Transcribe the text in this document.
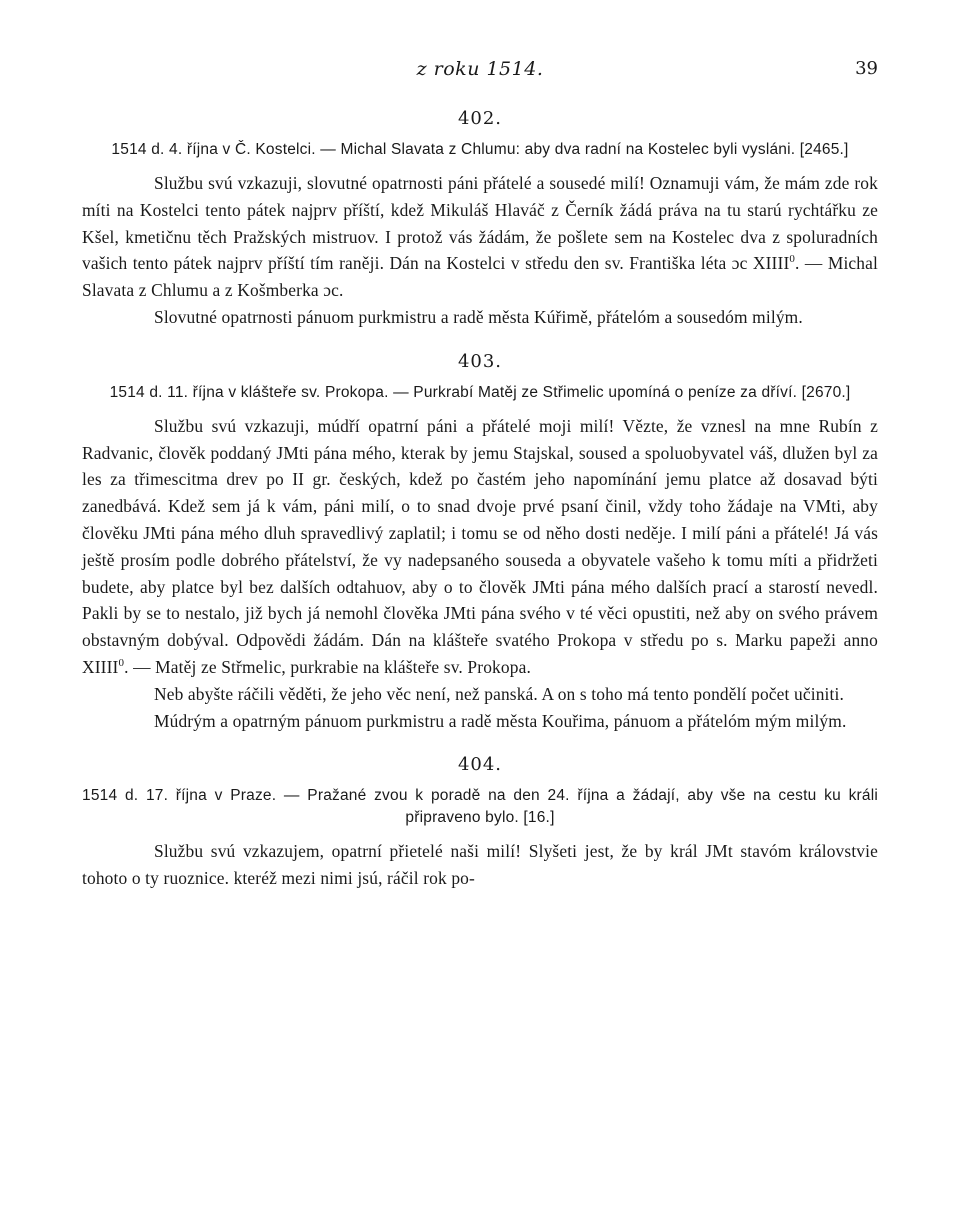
z roku 1514.	39
402.

1514 d. 4. října v Č. Kostelci. — Michal Slavata z Chlumu: aby dva radní na Kostelec byli vysláni. [2465.]

Službu svú vzkazuji, slovutné opatrnosti páni přátelé a sousedé milí! Oznamuji vám, že mám zde rok míti na Kostelci tento pátek najprv příští, kdež Mikuláš Hlaváč z Černík žádá práva na tu starú rychtářku ze Kšel, kmetičnu těch Pražských mistruov. I protož vás žádám, že pošlete sem na Kostelec dva z spoluradních vašich tento pátek najprv příští tím raněji. Dán na Kostelci v středu den sv. Františka léta ɔc XIIII$^0$. — Michal Slavata z Chlumu a z Košmberka ɔc.

Slovutné opatrnosti pánuom purkmistru a radě města Kúřimě, přátelóm a sousedóm milým.

403.

1514 d. 11. října v klášteře sv. Prokopa. — Purkrabí Matěj ze Střimelic upomíná o peníze za dříví. [2670.]

Službu svú vzkazuji, múdří opatrní páni a přátelé moji milí! Vězte, že vznesl na mne Rubín z Radvanic, člověk poddaný JMti pána mého, kterak by jemu Stajskal, soused a spoluobyvatel váš, dlužen byl za les za třimescitma drev po II gr. českých, kdež po častém jeho napomínání jemu platce až dosavad býti zanedbává. Kdež sem já k vám, páni milí, o to snad dvoje prvé psaní činil, vždy toho žádaje na VMti, aby člověku JMti pána mého dluh spravedlivý zaplatil; i tomu se od něho dosti neděje. I milí páni a přátelé! Já vás ještě prosím podle dobrého přátelství, že vy nadepsaného souseda a obyvatele vašeho k tomu míti a přidržeti budete, aby platce byl bez dalších odtahuov, aby o to člověk JMti pána mého dalších prací a starostí nevedl. Pakli by se to nestalo, již bych já nemohl člověka JMti pána svého v té věci opustiti, než aby on svého právem obstavným dobýval. Odpovědi žádám. Dán na klášteře svatého Prokopa v středu po s. Marku papeži anno XIIII$^0$. — Matěj ze Střmelic, purkrabie na klášteře sv. Prokopa.

Neb abyšte ráčili věděti, že jeho věc není, než panská. A on s toho má tento pondělí počet učiniti.

Múdrým a opatrným pánuom purkmistru a radě města Kouřima, pánuom a přátelóm mým milým.

404.

1514 d. 17. října v Praze. — Pražané zvou k poradě na den 24. října a žádají, aby vše na cestu ku králi připraveno bylo. [16.]

Službu svú vzkazujem, opatrní přietelé naši milí! Slyšeti jest, že by král JMt stavóm královstvie tohoto o ty ruoznice. kteréž mezi nimi jsú, ráčil rok po-
